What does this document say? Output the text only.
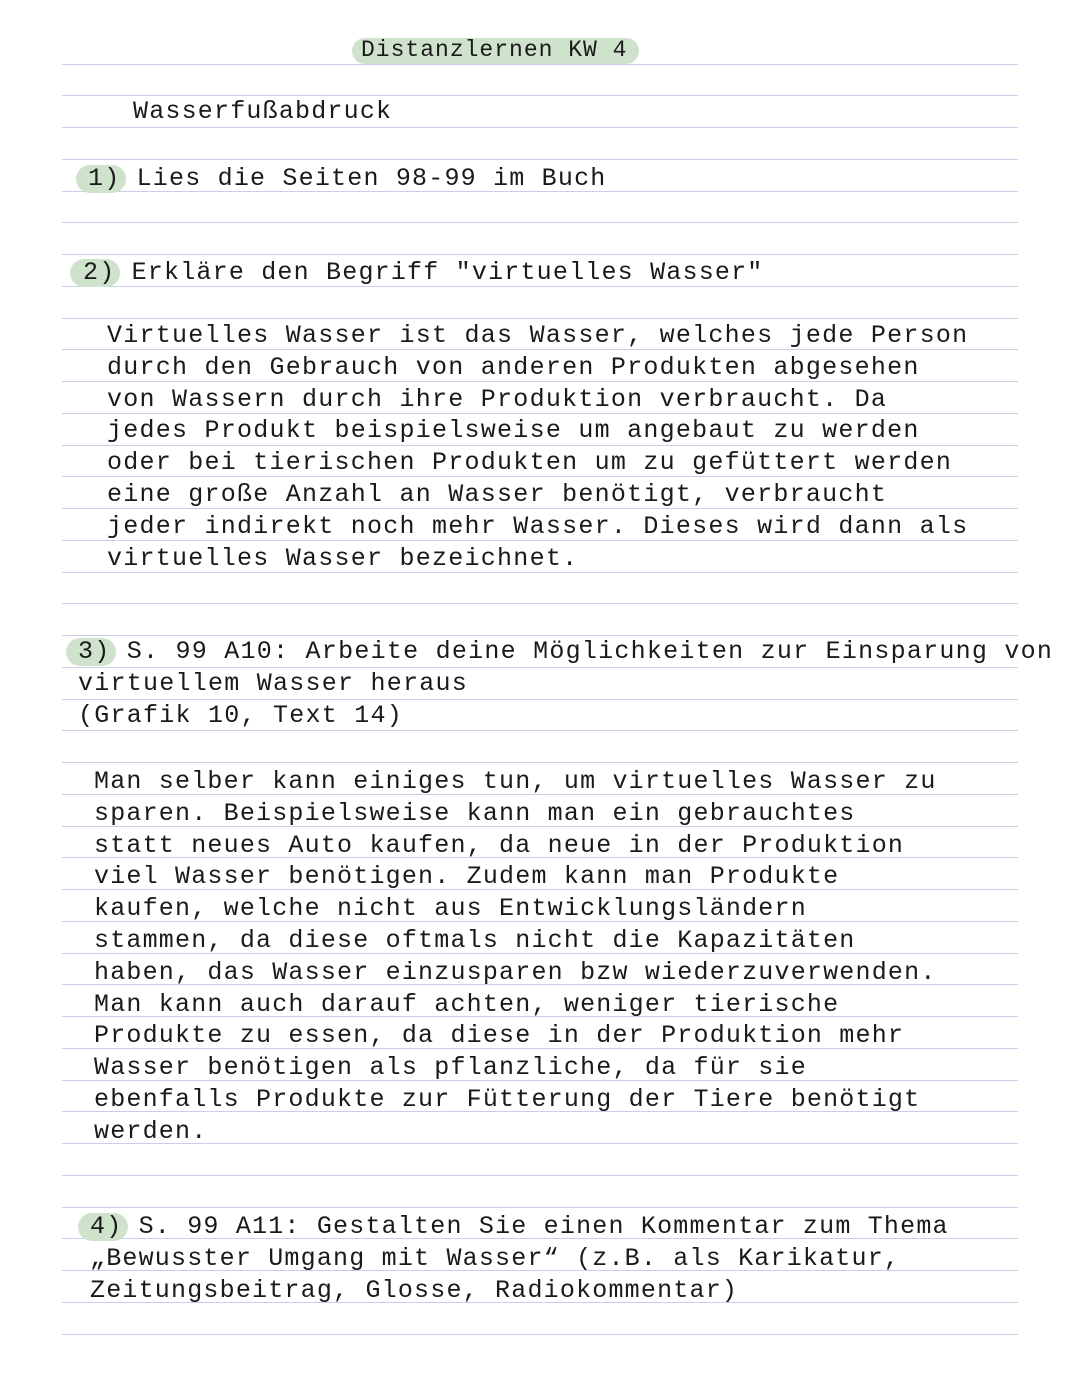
Distanzlernen KW 4
Wasserfußabdruck
1) Lies die Seiten 98-99 im Buch
2) Erkläre den Begriff "virtuelles Wasser"
Virtuelles Wasser ist das Wasser, welches jede Person
durch den Gebrauch von anderen Produkten abgesehen
von Wassern durch ihre Produktion verbraucht. Da
jedes Produkt beispielsweise um angebaut zu werden
oder bei tierischen Produkten um zu gefüttert werden
eine große Anzahl an Wasser benötigt, verbraucht
jeder indirekt noch mehr Wasser. Dieses wird dann als
virtuelles Wasser bezeichnet.
3) S. 99 A10: Arbeite deine Möglichkeiten zur Einsparung von
virtuellem Wasser heraus
(Grafik 10, Text 14)
Man selber kann einiges tun, um virtuelles Wasser zu
sparen. Beispielsweise kann man ein gebrauchtes
statt neues Auto kaufen, da neue in der Produktion
viel Wasser benötigen. Zudem kann man Produkte
kaufen, welche nicht aus Entwicklungsländern
stammen, da diese oftmals nicht die Kapazitäten
haben, das Wasser einzusparen bzw wiederzuverwenden.
Man kann auch darauf achten, weniger tierische
Produkte zu essen, da diese in der Produktion mehr
Wasser benötigen als pflanzliche, da für sie
ebenfalls Produkte zur Fütterung der Tiere benötigt
werden.
4) S. 99 A11: Gestalten Sie einen Kommentar zum Thema
„Bewusster Umgang mit Wasser“ (z.B. als Karikatur,
Zeitungsbeitrag, Glosse, Radiokommentar)
